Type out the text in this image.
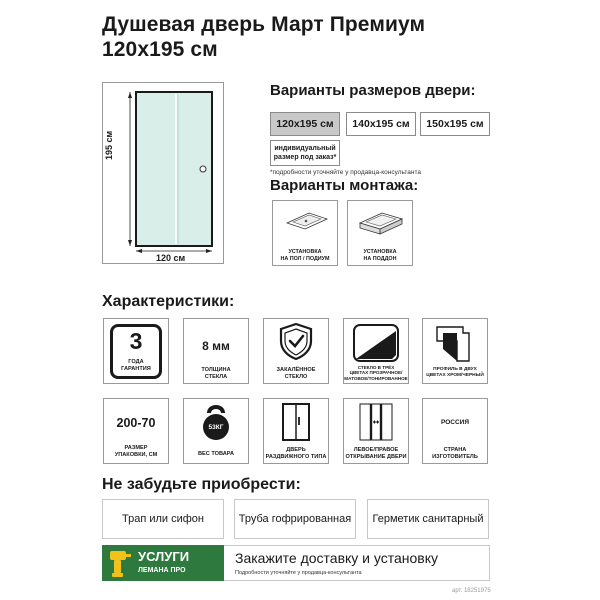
Душевая дверь Март Премиум
120х195 см
195 см
120 см
Варианты размеров двери:
120х195 см	140х195 см	150х195 см
индивидуальный
размер под заказ*
*подробности уточняйте у продавца-консультанта
Варианты монтажа:
УСТАНОВКА
НА ПОЛ / ПОДИУМ
УСТАНОВКА
НА ПОДДОН
Характеристики:
3
ГОДА
ГАРАНТИЯ
8 мм
ТОЛЩИНА
СТЕКЛА
ЗАКАЛЁННОЕ
СТЕКЛО
СТЕКЛО В ТРЁХ
ЦВЕТАХ ПРОЗРАЧНОЕ/
МАТОВОЕ/ТОНИРОВАННОЕ
ПРОФИЛЬ В ДВУХ
ЦВЕТАХ ХРОМ/ЧЕРНЫЙ
200-70
РАЗМЕР
УПАКОВКИ, СМ
53КГ
ВЕС ТОВАРА
ДВЕРЬ
РАЗДВИЖНОГО ТИПА
ЛЕВОЕ/ПРАВОЕ
ОТКРЫВАНИЕ ДВЕРИ
РОССИЯ
СТРАНА
ИЗГОТОВИТЕЛЬ
Не забудьте приобрести:
Трап или сифон	Труба гофрированная	Герметик санитарный
УСЛУГИ
ЛЕМАНА ПРО
Закажите доставку и установку
Подробности уточняйте у продавца-консультанта
арт. 18251975
